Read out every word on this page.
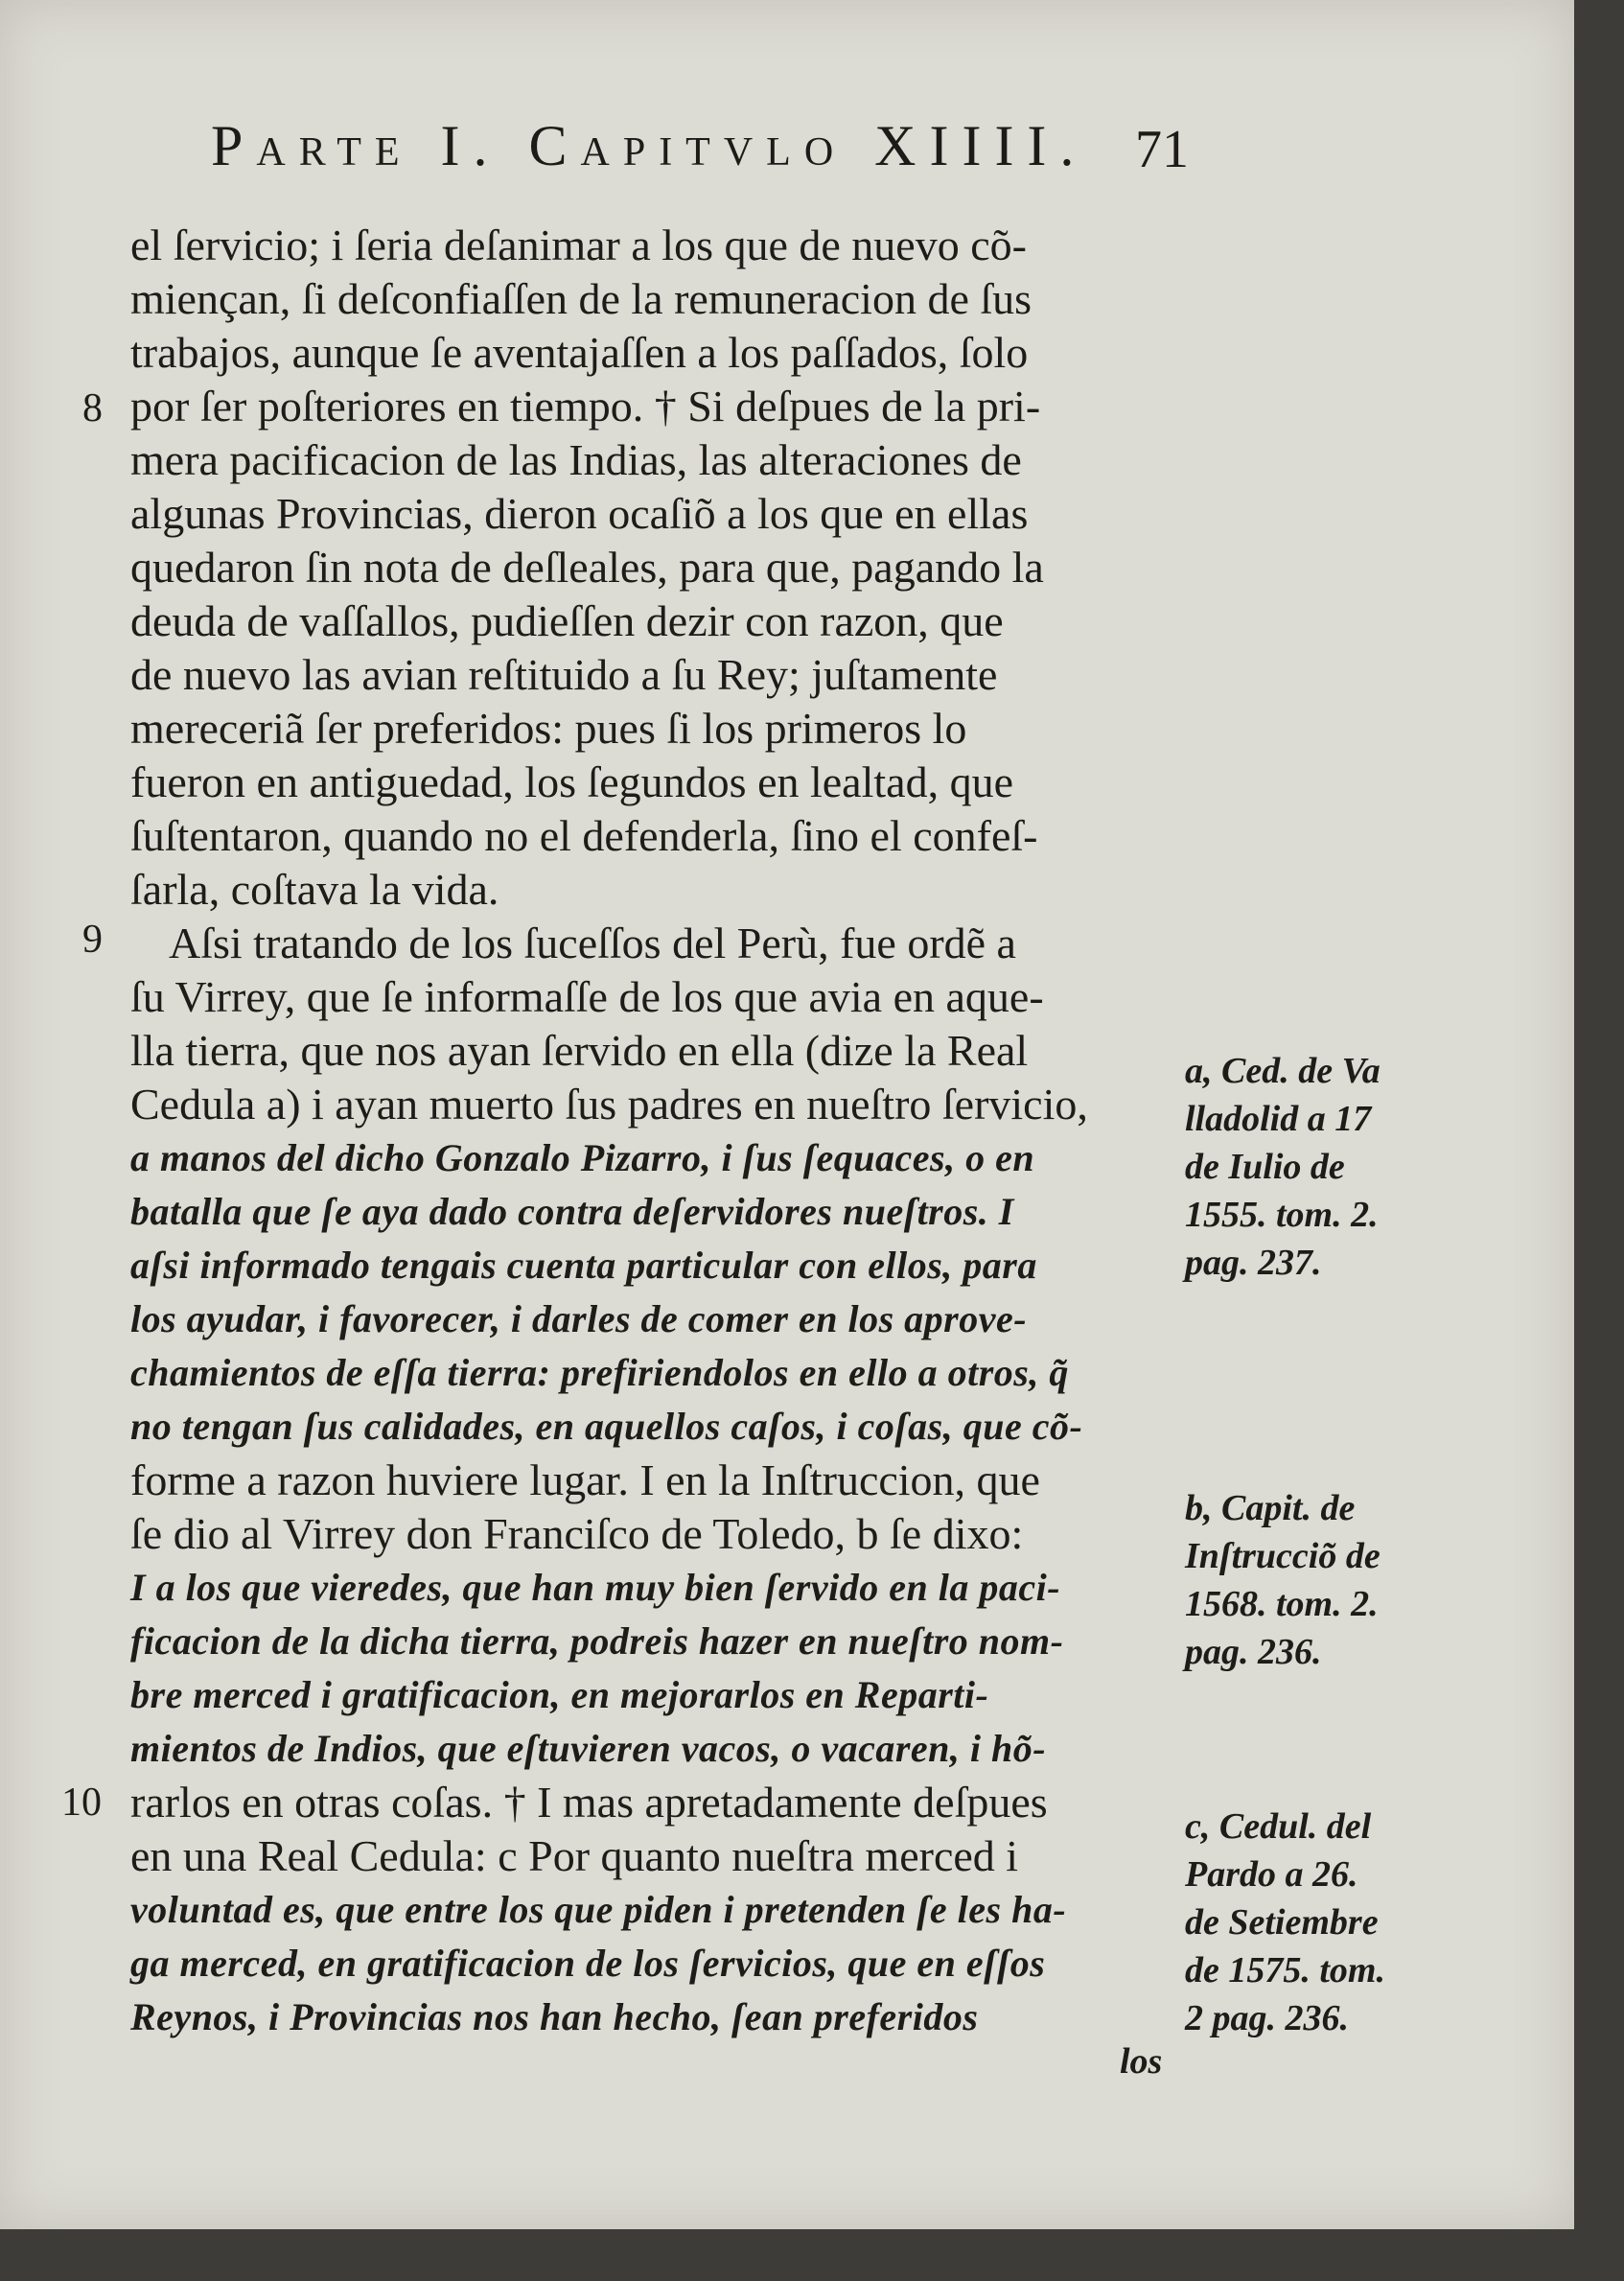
Parte I. Capitvlo XIIII. 71
8
9
10
el ſervicio; i ſeria deſanimar a los que de nuevo cõ-
miençan, ſi deſconfiaſſen de la remuneracion de ſus
trabajos, aunque ſe aventajaſſen a los paſſados, ſolo
por ſer poſteriores en tiempo. † Si deſpues de la pri-
mera pacificacion de las Indias, las alteraciones de
algunas Provincias, dieron ocaſiõ a los que en ellas
quedaron ſin nota de deſleales, para que, pagando la
deuda de vaſſallos, pudieſſen dezir con razon, que
de nuevo las avian reſtituido a ſu Rey; juſtamente
mereceriã ſer preferidos: pues ſi los primeros lo
fueron en antiguedad, los ſegundos en lealtad, que
ſuſtentaron, quando no el defenderla, ſino el confeſ-
ſarla, coſtava la vida.
Aſsi tratando de los ſuceſſos del Perù, fue ordẽ a
ſu Virrey, que ſe informaſſe de los que avia en aque-
lla tierra, que nos ayan ſervido en ella (dize la Real
Cedula a) i ayan muerto ſus padres en nueſtro ſervicio,
a manos del dicho Gonzalo Pizarro, i ſus ſequaces, o en
batalla que ſe aya dado contra deſervidores nueſtros. I
aſsi informado tengais cuenta particular con ellos, para
los ayudar, i favorecer, i darles de comer en los aprove-
chamientos de eſſa tierra: prefiriendolos en ello a otros, q̃
no tengan ſus calidades, en aquellos caſos, i coſas, que cõ-
forme a razon huviere lugar. I en la Inſtruccion, que
ſe dio al Virrey don Franciſco de Toledo, b ſe dixo:
I a los que vieredes, que han muy bien ſervido en la paci-
ficacion de la dicha tierra, podreis hazer en nueſtro nom-
bre merced i gratificacion, en mejorarlos en Reparti-
mientos de Indios, que eſtuvieren vacos, o vacaren, i hõ-
rarlos en otras coſas. † I mas apretadamente deſpues
en una Real Cedula: c Por quanto nueſtra merced i
voluntad es, que entre los que piden i pretenden ſe les ha-
ga merced, en gratificacion de los ſervicios, que en eſſos
Reynos, i Provincias nos han hecho, ſean preferidos
a, Ced. de Va
lladolid a 17
de Iulio de
1555. tom. 2.
pag. 237.
b, Capit. de
Inſtrucciõ de
1568. tom. 2.
pag. 236.
c, Cedul. del
Pardo a 26.
de Setiembre
de 1575. tom.
2 pag. 236.
los
